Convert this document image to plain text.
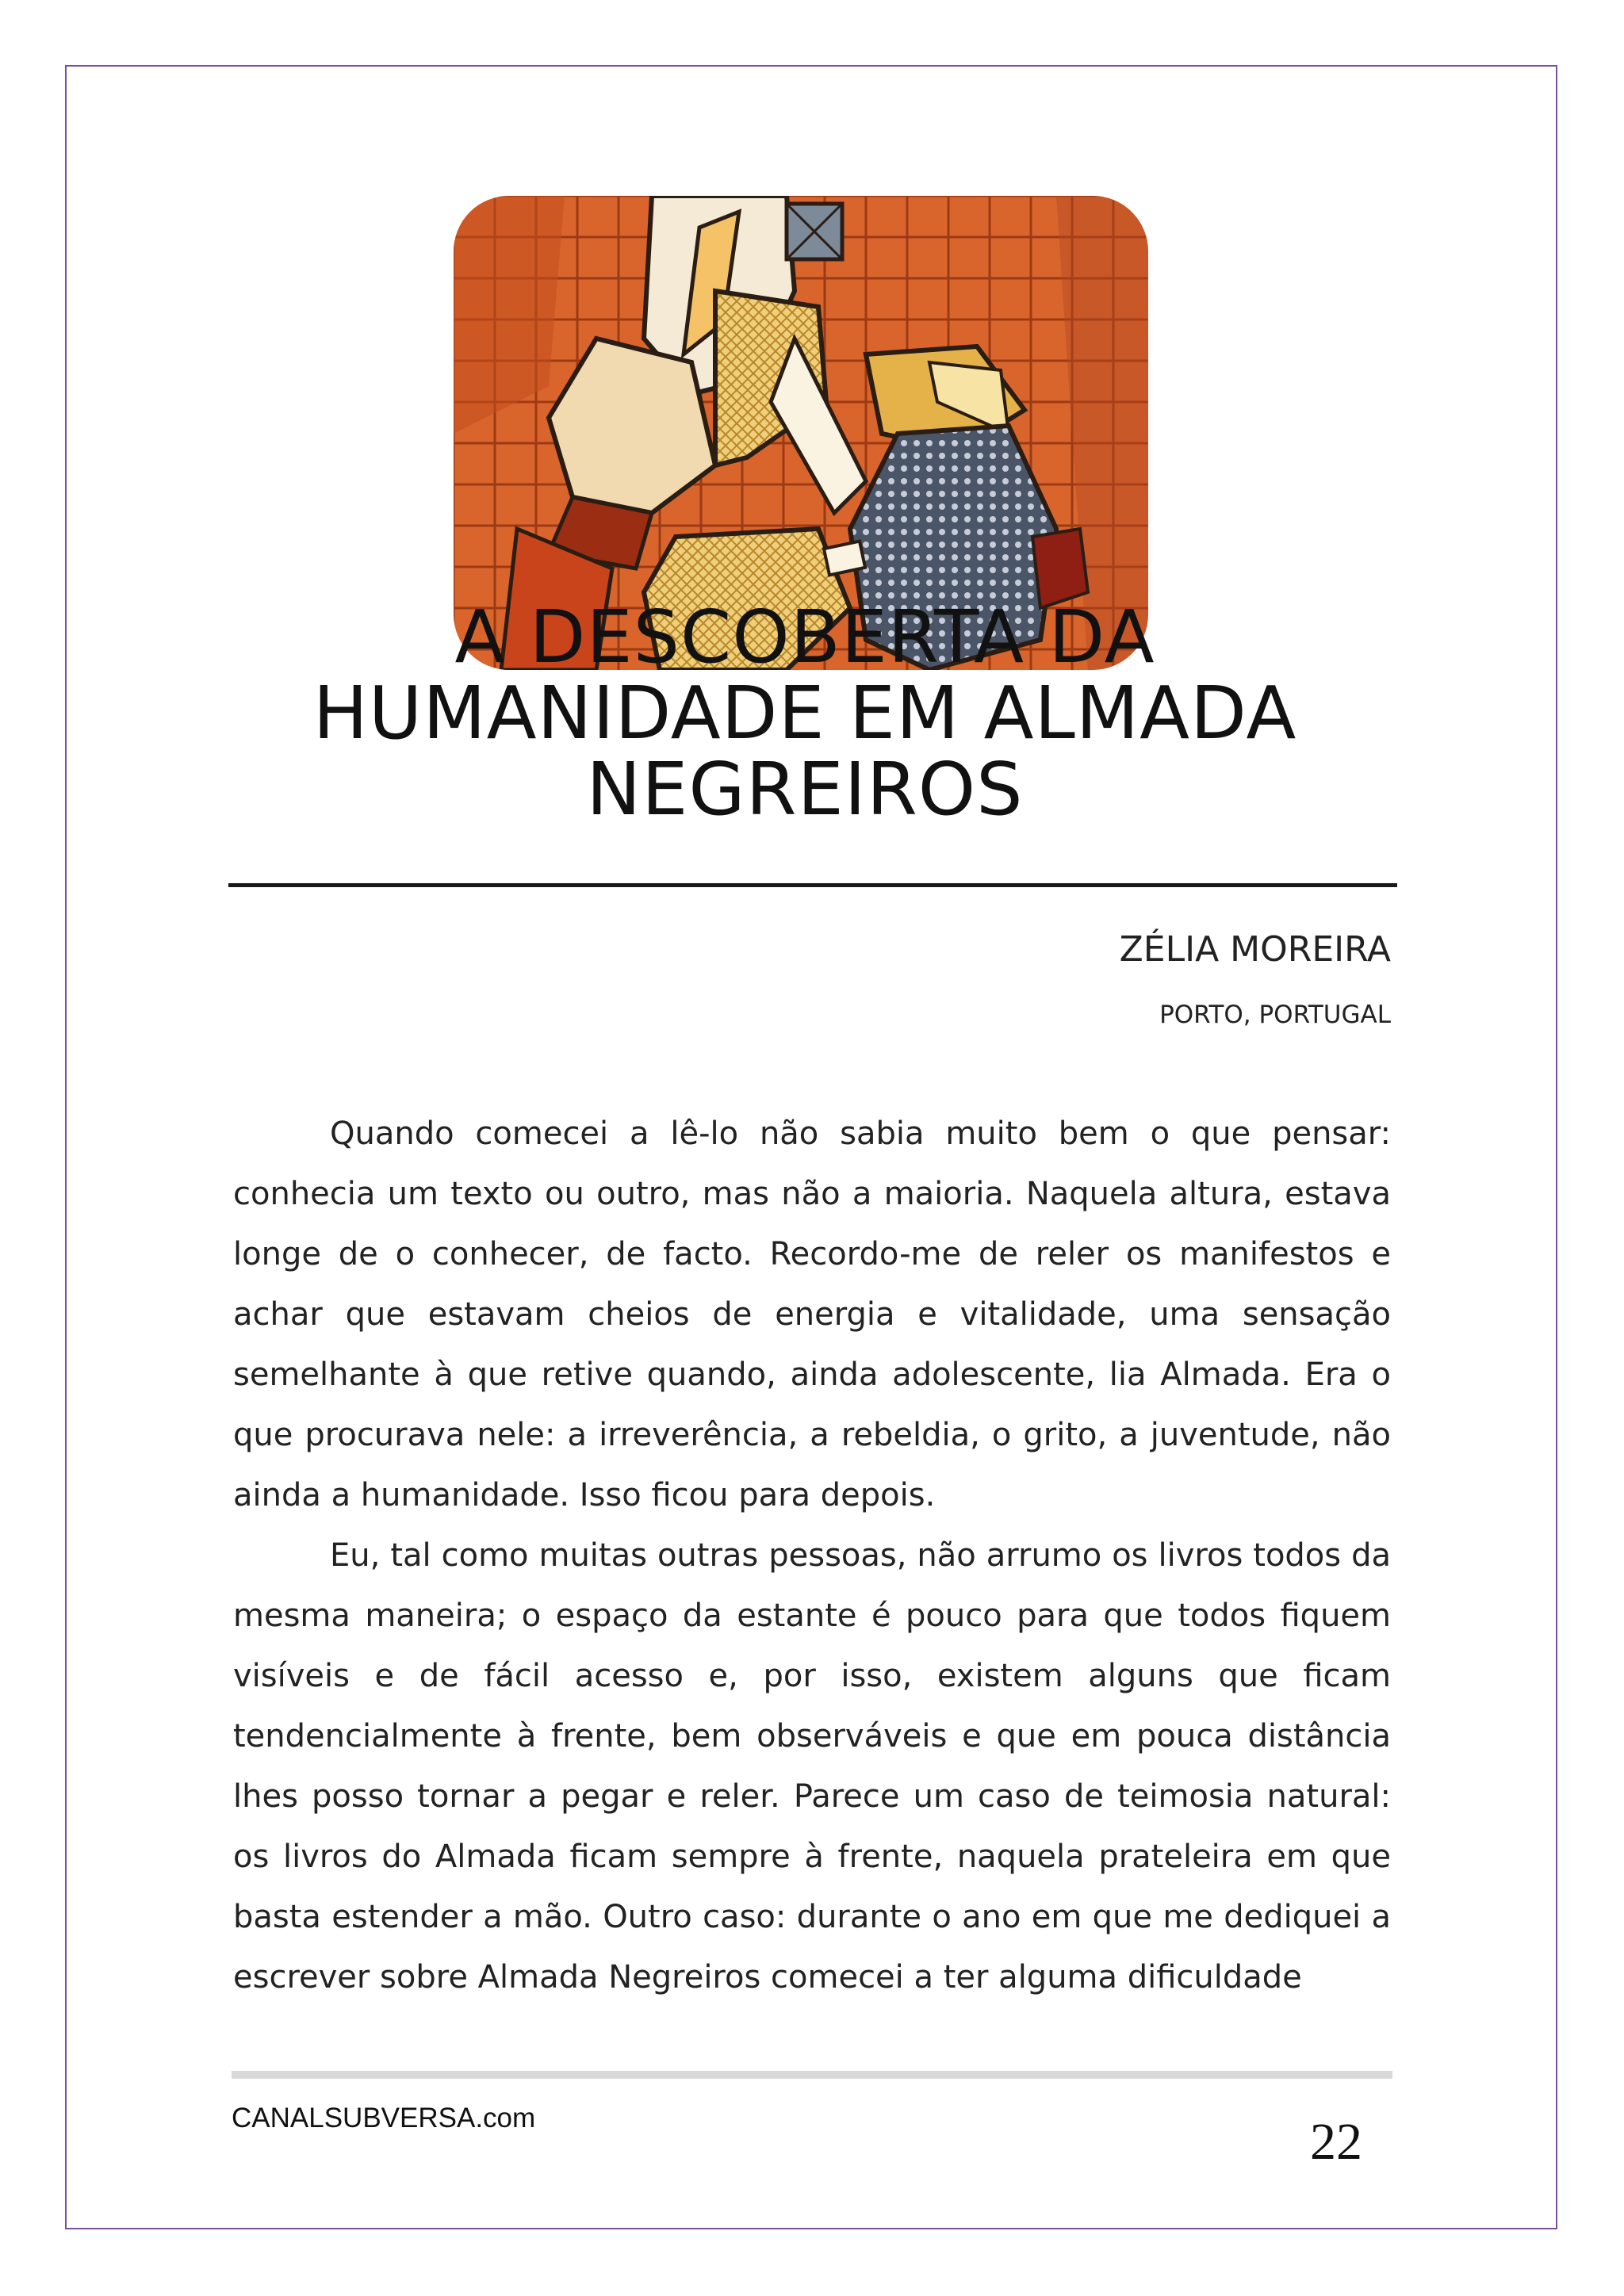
A DESCOBERTA DA
HUMANIDADE EM ALMADA
NEGREIROS
ZÉLIA MOREIRA
PORTO, PORTUGAL

Quando comecei a lê-lo não sabia muito bem o que pensar: conhecia um texto ou outro, mas não a maioria. Naquela altura, estava longe de o conhecer, de facto. Recordo-me de reler os manifestos e achar que estavam cheios de energia e vitalidade, uma sensação semelhante à que retive quando, ainda adolescente, lia Almada. Era o que procurava nele: a irreverência, a rebeldia, o grito, a juventude, não ainda a humanidade. Isso ficou para depois.

Eu, tal como muitas outras pessoas, não arrumo os livros todos da mesma maneira; o espaço da estante é pouco para que todos fiquem visíveis e de fácil acesso e, por isso, existem alguns que ficam tendencialmente à frente, bem observáveis e que em pouca distância lhes posso tornar a pegar e reler. Parece um caso de teimosia natural: os livros do Almada ficam sempre à frente, naquela prateleira em que basta estender a mão. Outro caso: durante o ano em que me dediquei a escrever sobre Almada Negreiros comecei a ter alguma dificuldade

CANALSUBVERSA.com	22
